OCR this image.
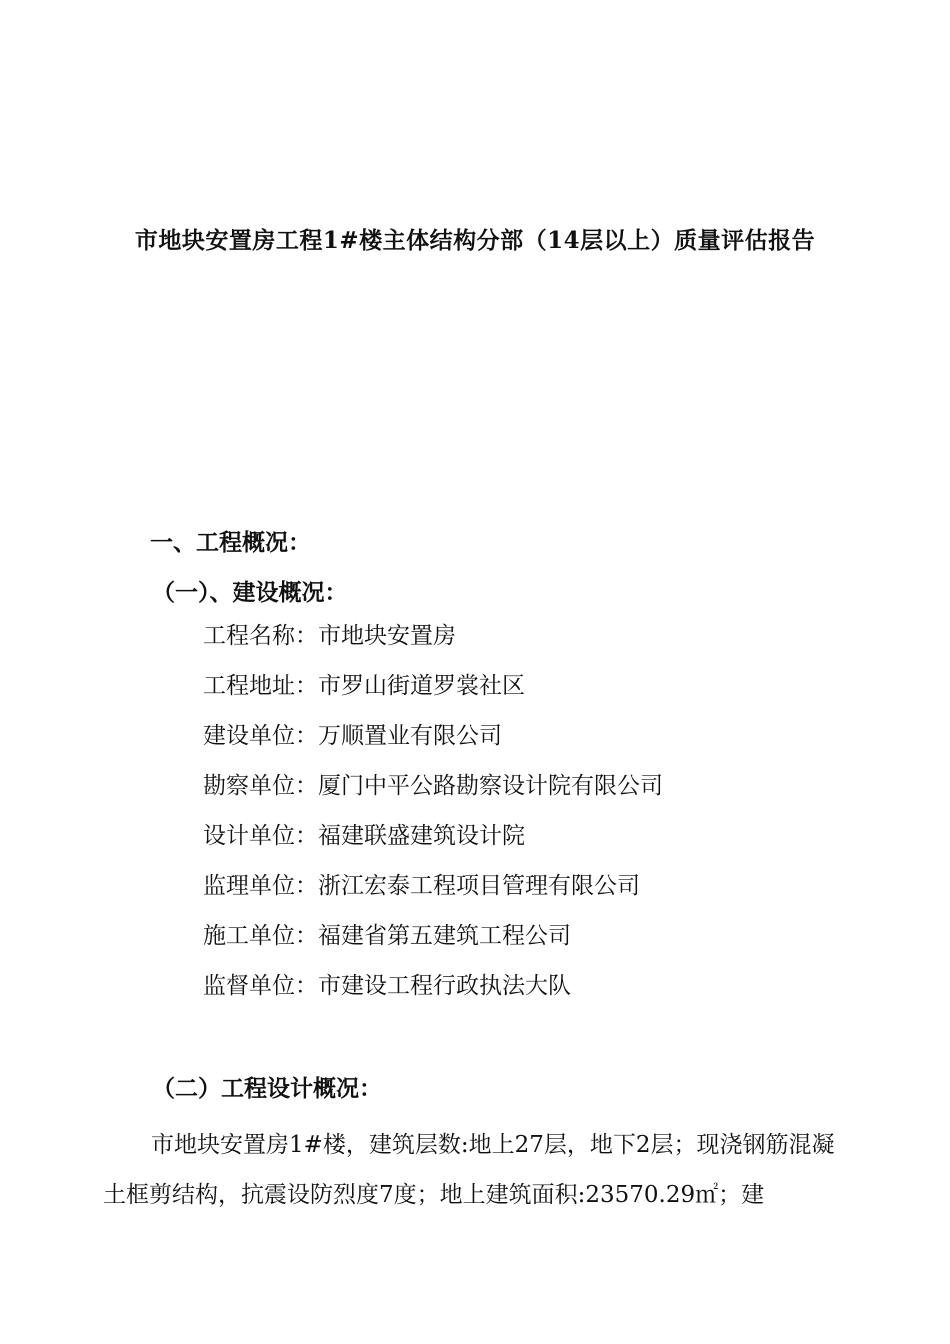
市地块安置房工程1#楼主体结构分部（14层以上）质量评估报告
一、工程概况：
（一）、建设概况：
工程名称 ： 市地块安置房
工程地址 ： 市罗山街道罗裳社区
建设单位 ： 万顺置业有限公司
勘察单位 ： 厦门中平公路勘察设计院有限公司
设计单位 ： 福建联盛建筑设计院
监理单位 ： 浙江宏泰工程项目管理有限公司
施工单位 ： 福建省第五建筑工程公司
监督单位 ： 市建设工程行政执法大队
（二）工程设计概况：

市地块安置房1#楼，建筑层数:地上27层，地下2层；现浇钢筋混凝土框剪结构，抗震设防烈度7度；地上建筑面积:23570.29㎡；建
